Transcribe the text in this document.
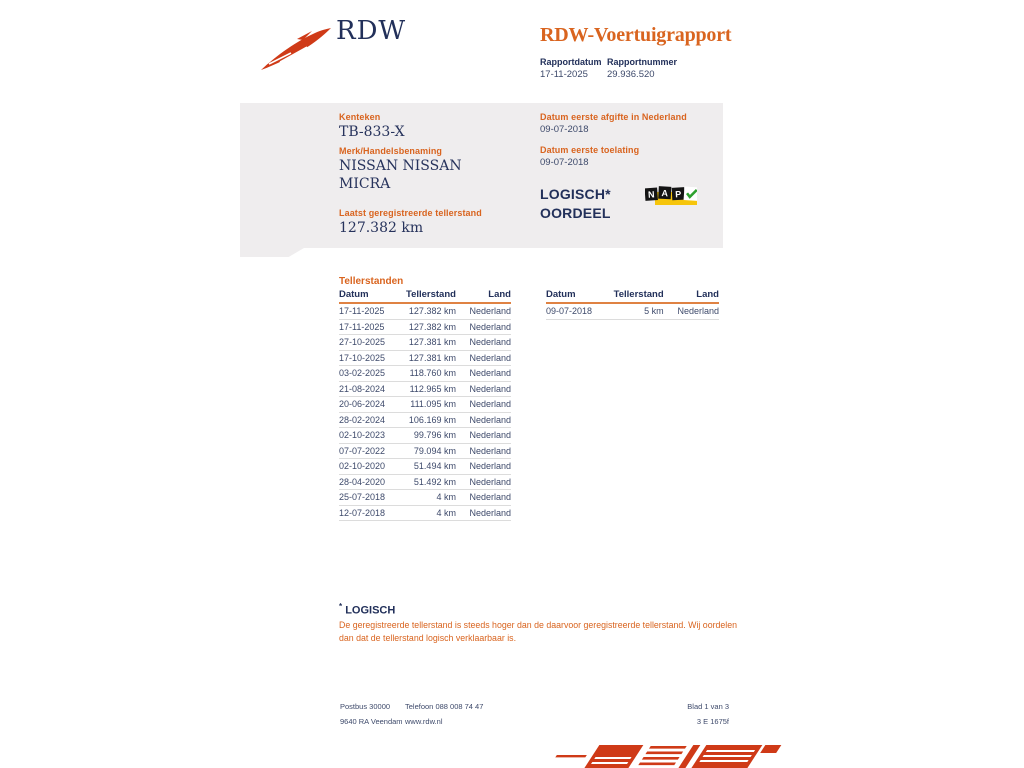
RDW	RDW-Voertuigrapport
Rapportdatum
17-11-2025
Rapportnummer
29.936.520
Kenteken
TB-833-X
Merk/Handelsbenaming
NISSAN NISSAN MICRA
Laatst geregistreerde tellerstand
127.382 km
Datum eerste afgifte in Nederland
09-07-2018
Datum eerste toelating
09-07-2018
LOGISCH*
OORDEEL
N A P
Tellerstanden
Datum	Tellerstand	Land
17-11-2025	127.382 km	Nederland
17-11-2025	127.382 km	Nederland
27-10-2025	127.381 km	Nederland
17-10-2025	127.381 km	Nederland
03-02-2025	118.760 km	Nederland
21-08-2024	112.965 km	Nederland
20-06-2024	111.095 km	Nederland
28-02-2024	106.169 km	Nederland
02-10-2023	99.796 km	Nederland
07-07-2022	79.094 km	Nederland
02-10-2020	51.494 km	Nederland
28-04-2020	51.492 km	Nederland
25-07-2018	4 km	Nederland
12-07-2018	4 km	Nederland
Datum	Tellerstand	Land
09-07-2018	5 km	Nederland
* LOGISCH
De geregistreerde tellerstand is steeds hoger dan de daarvoor geregistreerde tellerstand. Wij oordelen dan dat de tellerstand logisch verklaarbaar is.
Postbus 30000
9640 RA Veendam
Telefoon 088 008 74 47
www.rdw.nl
Blad 1 van 3
3 E 1675f
